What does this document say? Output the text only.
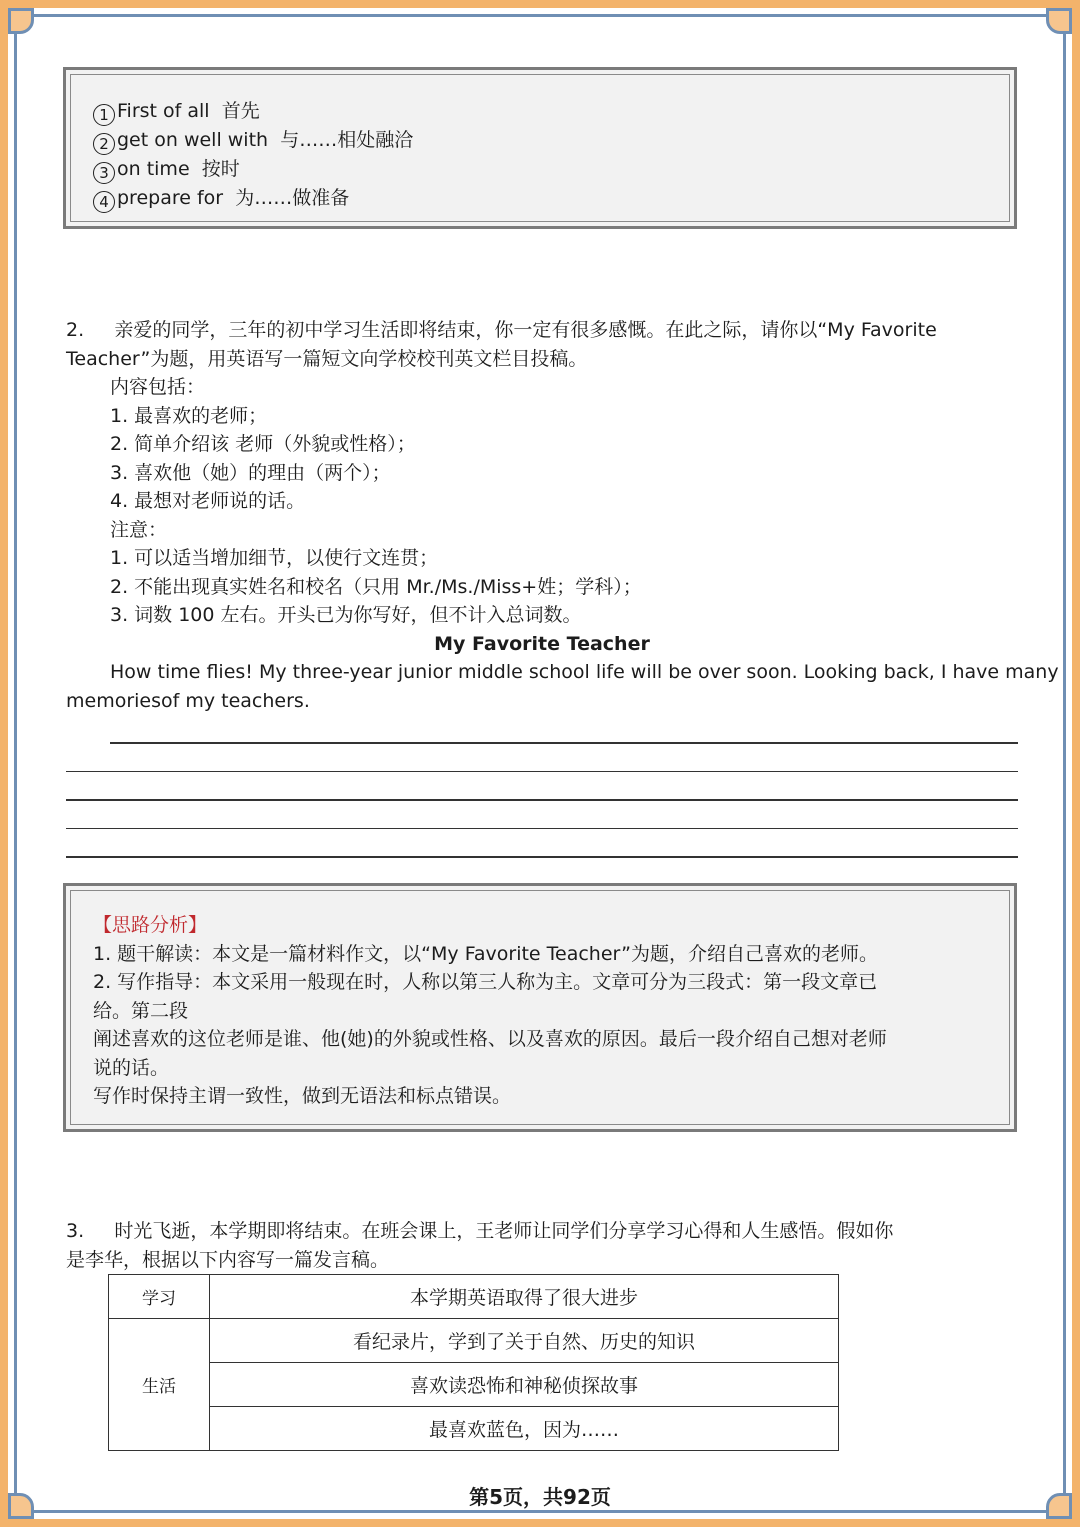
1 First of all 首先
2 get on well with 与……相处融洽
3 on time 按时
4 prepare for 为……做准备
2.     亲爱的同学，三年的初中学习生活即将结束，你一定有很多感慨。在此之际，请你以“My Favorite
Teacher”为题，用英语写一篇短文向学校校刊英文栏目投稿。
内容包括：
1. 最喜欢的老师；
2. 简单介绍该 老师（外貌或性格）；
3. 喜欢他（她）的理由（两个）；
4. 最想对老师说的话。
注意：
1. 可以适当增加细节，以使行文连贯；
2. 不能出现真实姓名和校名（只用 Mr./Ms./Miss+姓；学科）；
3. 词数 100 左右。开头已为你写好，但不计入总词数。
My Favorite Teacher
How time flies! My three-year junior middle school life will be over soon. Looking back, I have many
memoriesof my teachers.
【思路分析】
1. 题干解读：本文是一篇材料作文，以“My Favorite Teacher”为题，介绍自己喜欢的老师。
2. 写作指导：本文采用一般现在时，人称以第三人称为主。文章可分为三段式：第一段文章已
给。第二段
阐述喜欢的这位老师是谁、他(她)的外貌或性格、以及喜欢的原因。最后一段介绍自己想对老师
说的话。
写作时保持主谓一致性，做到无语法和标点错误。
3.     时光飞逝，本学期即将结束。在班会课上，王老师让同学们分享学习心得和人生感悟。假如你
是李华，根据以下内容写一篇发言稿。
学习	本学期英语取得了很大进步
生活	看纪录片，学到了关于自然、历史的知识
	喜欢读恐怖和神秘侦探故事
	最喜欢蓝色，因为……
第5页，共92页
